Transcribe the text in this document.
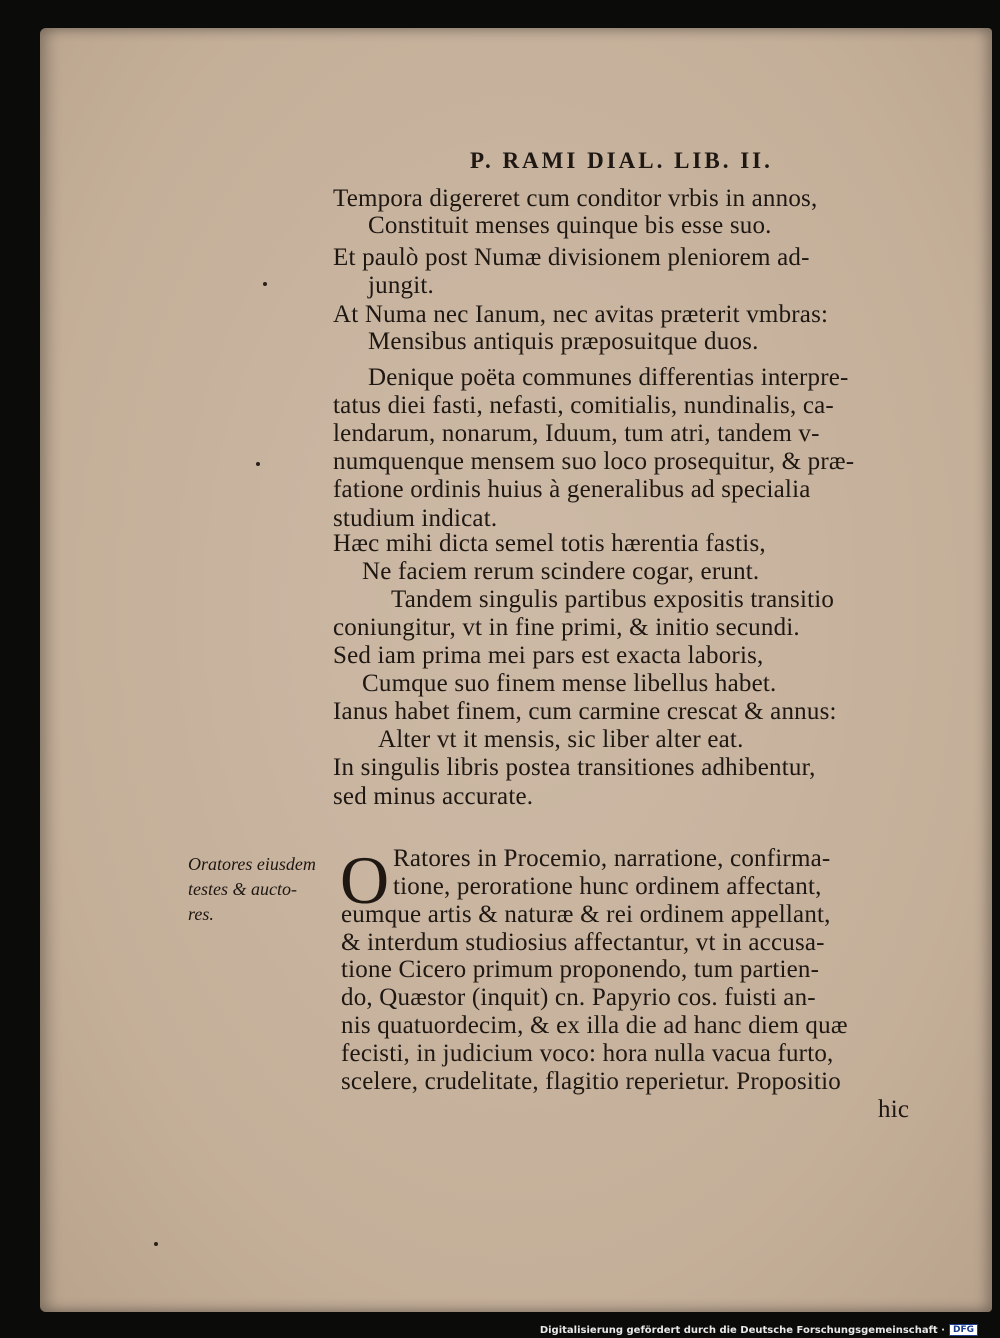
P. RAMI DIAL. LIB. II.
Tempora digereret cum conditor vrbis in annos,
Constituit menses quinque bis esse suo.
Et paulò post Numæ divisionem pleniorem ad-
jungit.
At Numa nec Ianum, nec avitas præterit vmbras:
Mensibus antiquis præposuitque duos.
Denique poëta communes differentias interpre-
tatus diei fasti, nefasti, comitialis, nundinalis, ca-
lendarum, nonarum, Iduum, tum atri, tandem v-
numquenque mensem suo loco prosequitur, & præ-
fatione ordinis huius à generalibus ad specialia
studium indicat.
Hæc mihi dicta semel totis hærentia fastis,
Ne faciem rerum scindere cogar, erunt.
Tandem singulis partibus expositis transitio
coniungitur, vt in fine primi, & initio secundi.
Sed iam prima mei pars est exacta laboris,
Cumque suo finem mense libellus habet.
Ianus habet finem, cum carmine crescat & annus:
Alter vt it mensis, sic liber alter eat.
In singulis libris postea transitiones adhibentur,
sed minus accurate.
Oratores eiusdem
testes & aucto-
res.	O Ratores in Procemio, narratione, confirma-
tione, peroratione hunc ordinem affectant,
eumque artis & naturæ & rei ordinem appellant,
& interdum studiosius affectantur, vt in accusa-
tione Cicero primum proponendo, tum partien-
do, Quæstor (inquit) cn. Papyrio cos. fuisti an-
nis quatuordecim, & ex illa die ad hanc diem quæ
fecisti, in judicium voco: hora nulla vacua furto,
scelere, crudelitate, flagitio reperietur. Propositio
hic
Digitalisierung gefördert durch die Deutsche Forschungsgemeinschaft · DFG
